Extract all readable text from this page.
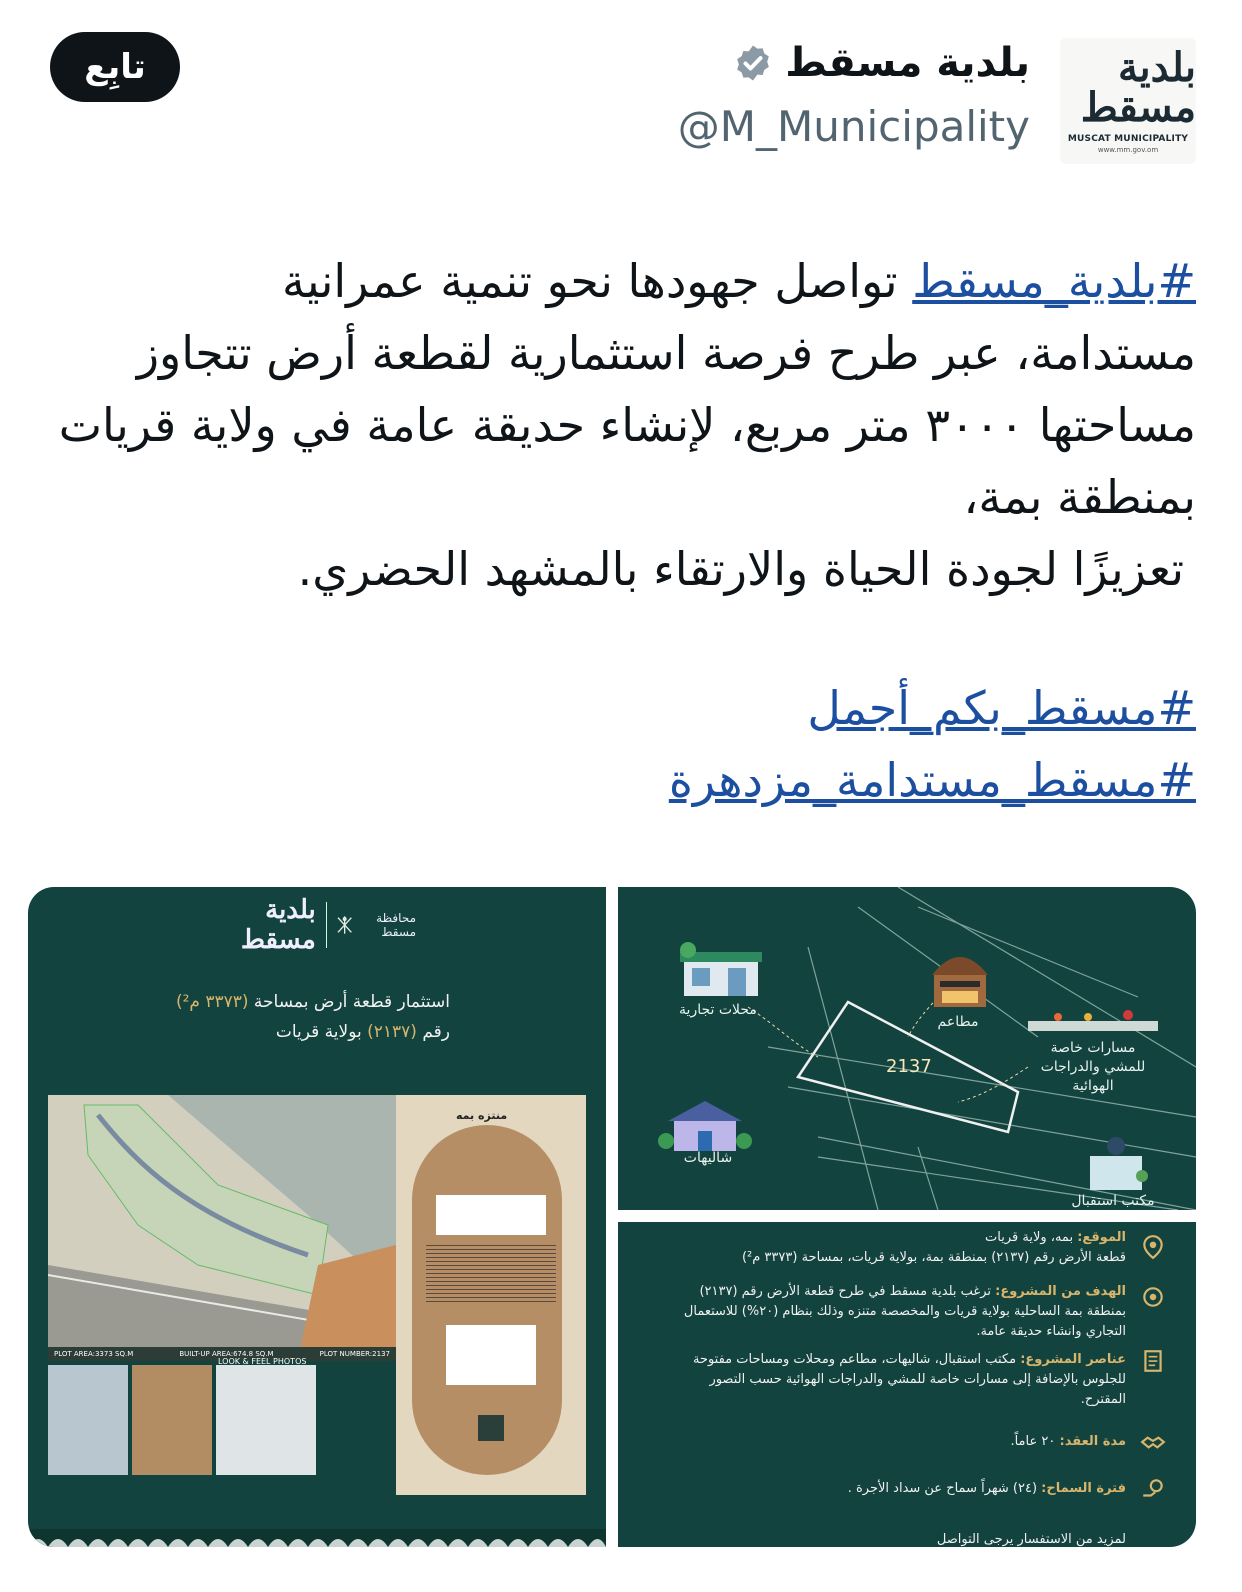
تابِع	بلدية مسقط
@M_Municipality
بلدية مسقط
MUSCAT MUNICIPALITY
www.mm.gov.om
#بلدية_مسقط تواصل جهودها نحو تنمية عمرانية
مستدامة، عبر طرح فرصة استثمارية لقطعة أرض تتجاوز
مساحتها ٣٠٠٠ متر مربع، لإنشاء حديقة عامة في ولاية قريات
بمنطقة بمة،
تعزيزًا لجودة الحياة والارتقاء بالمشهد الحضري.
#مسقط_بكم_أجمل
#مسقط_مستدامة_مزدهرة
بلدية مسقط
محافظة مسقط
استثمار قطعة أرض بمساحة (٣٣٧٣ م²)
رقم (٢١٣٧) بولاية قريات
PLOT AREA:3373 SQ.M	BUILT-UP AREA:674.8 SQ.M	PLOT NUMBER:2137
منتزه بمه
LOOK & FEEL PHOTOS
2137
محلات تجارية
مطاعم
مسارات خاصة للمشي والدراجات الهوائية
شاليهات
مكتب استقبال
الموقع: بمه، ولاية قريات
قطعة الأرض رقم (٢١٣٧) بمنطقة بمة، بولاية قريات، بمساحة (٣٣٧٣ م²)
الهدف من المشروع: ترغب بلدية مسقط في طرح قطعة الأرض رقم (٢١٣٧) بمنطقة بمة الساحلية بولاية قريات والمخصصة متنزه وذلك بنظام (٢٠%) للاستعمال التجاري وانشاء حديقة عامة.
عناصر المشروع: مكتب استقبال، شاليهات، مطاعم ومحلات ومساحات مفتوحة للجلوس بالإضافة إلى مسارات خاصة للمشي والدراجات الهوائية حسب التصور المقترح.
مدة العقد: ٢٠ عاماً.
فترة السماح: (٢٤) شهراً سماح عن سداد الأجرة .
لمزيد من الاستفسار يرجى التواصل
